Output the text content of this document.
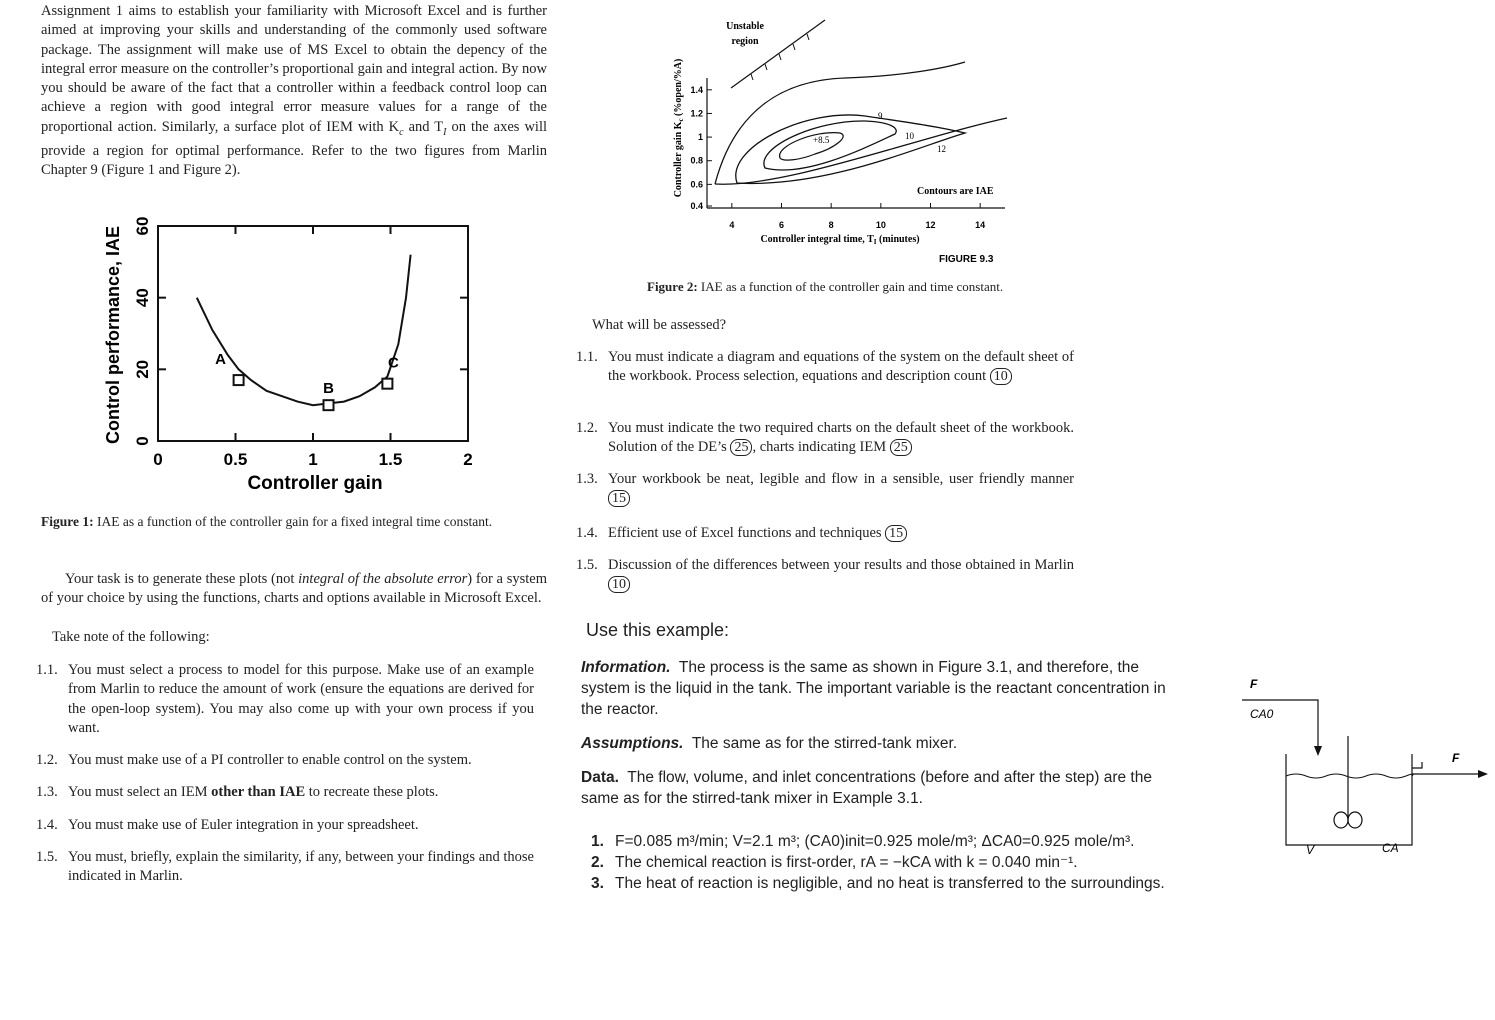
Assignment 1 aims to establish your familiarity with Microsoft Excel and is further aimed at improving your skills and understanding of the commonly used software package. The assignment will make use of MS Excel to obtain the depency of the integral error measure on the controller’s proportional gain and integral action. By now you should be aware of the fact that a controller within a feedback control loop can achieve a region with good integral error measure values for a range of the proportional action. Similarly, a surface plot of IEM with $K_c$ and $T_I$ on the axes will provide a region for optimal performance. Refer to the two figures from Marlin Chapter 9 (Figure 1 and Figure 2).
0	0.5	1	1.5	2
0
20
40
60
A
B
C
Controller gain
Control performance, IAE
Figure 1: IAE as a function of the controller gain for a fixed integral time constant.
Your task is to generate these plots (not integral of the absolute error) for a system of your choice by using the functions, charts and options available in Microsoft Excel.
Take note of the following:
1.1. You must select a process to model for this purpose. Make use of an example from Marlin to reduce the amount of work (ensure the equations are derived for the open-loop system). You may also come up with your own process if you want.
1.2. You must make use of a PI controller to enable control on the system.
1.3. You must select an IEM other than IAE to recreate these plots.
1.4. You must make use of Euler integration in your spreadsheet.
1.5. You must, briefly, explain the similarity, if any, between your findings and those indicated in Marlin.
Controller gain $K_c$ (%open/%A)
4	6	8	10	12	14
0.4
0.6
0.8
1
1.2
1.4
Unstable
region
+8.5
9
10
12
Contours are IAE
Controller integral time, $T_I$ (minutes)
FIGURE 9.3
Figure 2: IAE as a function of the controller gain and time constant.
What will be assessed?
1.1. You must indicate a diagram and equations of the system on the default sheet of the workbook. Process selection, equations and description count 10
1.2. You must indicate the two required charts on the default sheet of the workbook. Solution of the DE’s 25 , charts indicating IEM 25
1.3. Your workbook be neat, legible and flow in a sensible, user friendly manner 15
1.4. Efficient use of Excel functions and techniques 15
1.5. Discussion of the differences between your results and those obtained in Marlin 10
Use this example:
Information. The process is the same as shown in Figure 3.1, and therefore, the system is the liquid in the tank. The important variable is the reactant concentration in the reactor.
Assumptions. The same as for the stirred-tank mixer.
Data. The flow, volume, and inlet concentrations (before and after the step) are the same as for the stirred-tank mixer in Example 3.1.
1. F=0.085 m³/min; V=2.1 m³; (CA0)init=0.925 mole/m³; ΔCA0=0.925 mole/m³.
2. The chemical reaction is first-order, rA = −kCA with k = 0.040 min⁻¹.
3. The heat of reaction is negligible, and no heat is transferred to the surroundings.
F
CA0
F
V	CA
